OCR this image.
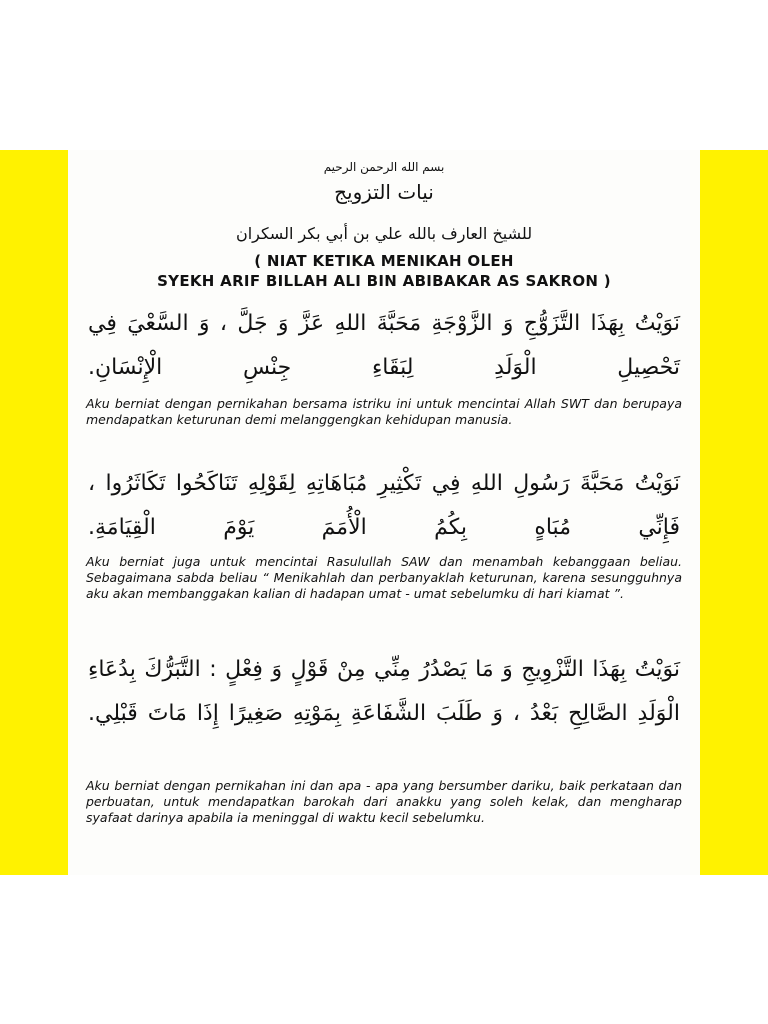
بسم الله الرحمن الرحيم
نيات التزويج
للشيخ العارف بالله علي بن أبي بكر السكران
( NIAT KETIKA MENIKAH OLEH
SYEKH ARIF BILLAH ALI BIN ABIBAKAR AS SAKRON )
نَوَيْتُ بِهَذَا التَّزَوُّجِ وَ الزَّوْجَةِ مَحَبَّةَ اللهِ عَزَّ وَ جَلَّ ، وَ السَّعْيَ فِي تَحْصِيلِ الْوَلَدِ لِبَقَاءِ جِنْسِ الْإِنْسَانِ.
Aku berniat dengan pernikahan bersama istriku ini untuk mencintai Allah SWT dan berupaya mendapatkan keturunan demi melanggengkan kehidupan manusia.
نَوَيْتُ مَحَبَّةَ رَسُولِ اللهِ فِي تَكْثِيرِ مُبَاهَاتِهِ لِقَوْلِهِ تَنَاكَحُوا تَكَاثَرُوا ، فَإِنِّي مُبَاهٍ بِكُمُ الْأُمَمَ يَوْمَ الْقِيَامَةِ.
Aku berniat juga untuk mencintai Rasulullah SAW dan menambah kebanggaan beliau. Sebagaimana sabda beliau “ Menikahlah dan perbanyaklah keturunan, karena sesungguhnya aku akan membanggakan kalian di hadapan umat - umat sebelumku di hari kiamat ”.
نَوَيْتُ بِهَذَا التَّزْوِيجِ وَ مَا يَصْدُرُ مِنِّي مِنْ قَوْلٍ وَ فِعْلٍ : التَّبَرُّكَ بِدُعَاءِ الْوَلَدِ الصَّالِحِ بَعْدُ ، وَ طَلَبَ الشَّفَاعَةِ بِمَوْتِهِ صَغِيرًا إِذَا مَاتَ قَبْلِي.
Aku berniat dengan pernikahan ini dan apa - apa yang bersumber dariku, baik perkataan dan perbuatan, untuk mendapatkan barokah dari anakku yang soleh kelak, dan mengharap syafaat darinya apabila ia meninggal di waktu kecil sebelumku.
